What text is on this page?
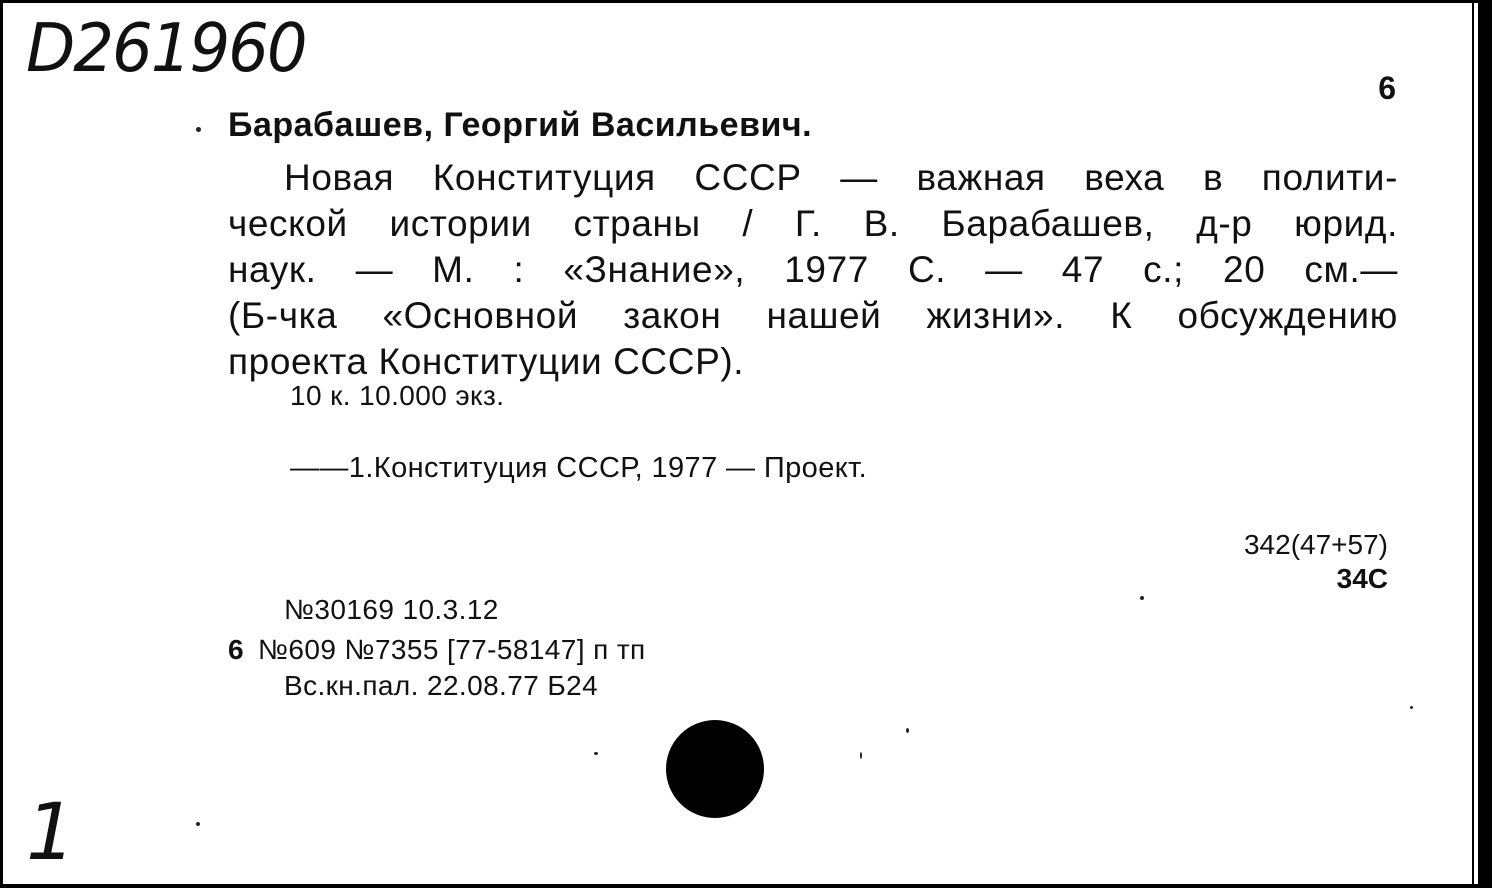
D261960
6
Барабашев, Георгий Васильевич.
Новая Конституция СССР — важная веха в полити-
ческой истории страны / Г. В. Барабашев, д-р юрид.
наук. — М. : «Знание», 1977 С. — 47 с.; 20 см.—
(Б-чка «Основной закон нашей жизни». К обсуждению
проекта Конституции СССР).
10 к. 10.000 экз.
——1.Конституция СССР, 1977 — Проект.
342(47+57)
34С
№30169 10.3.12
6 №609 №7355 [77-58147] п тп
Вс.кн.пал. 22.08.77 Б24
1
